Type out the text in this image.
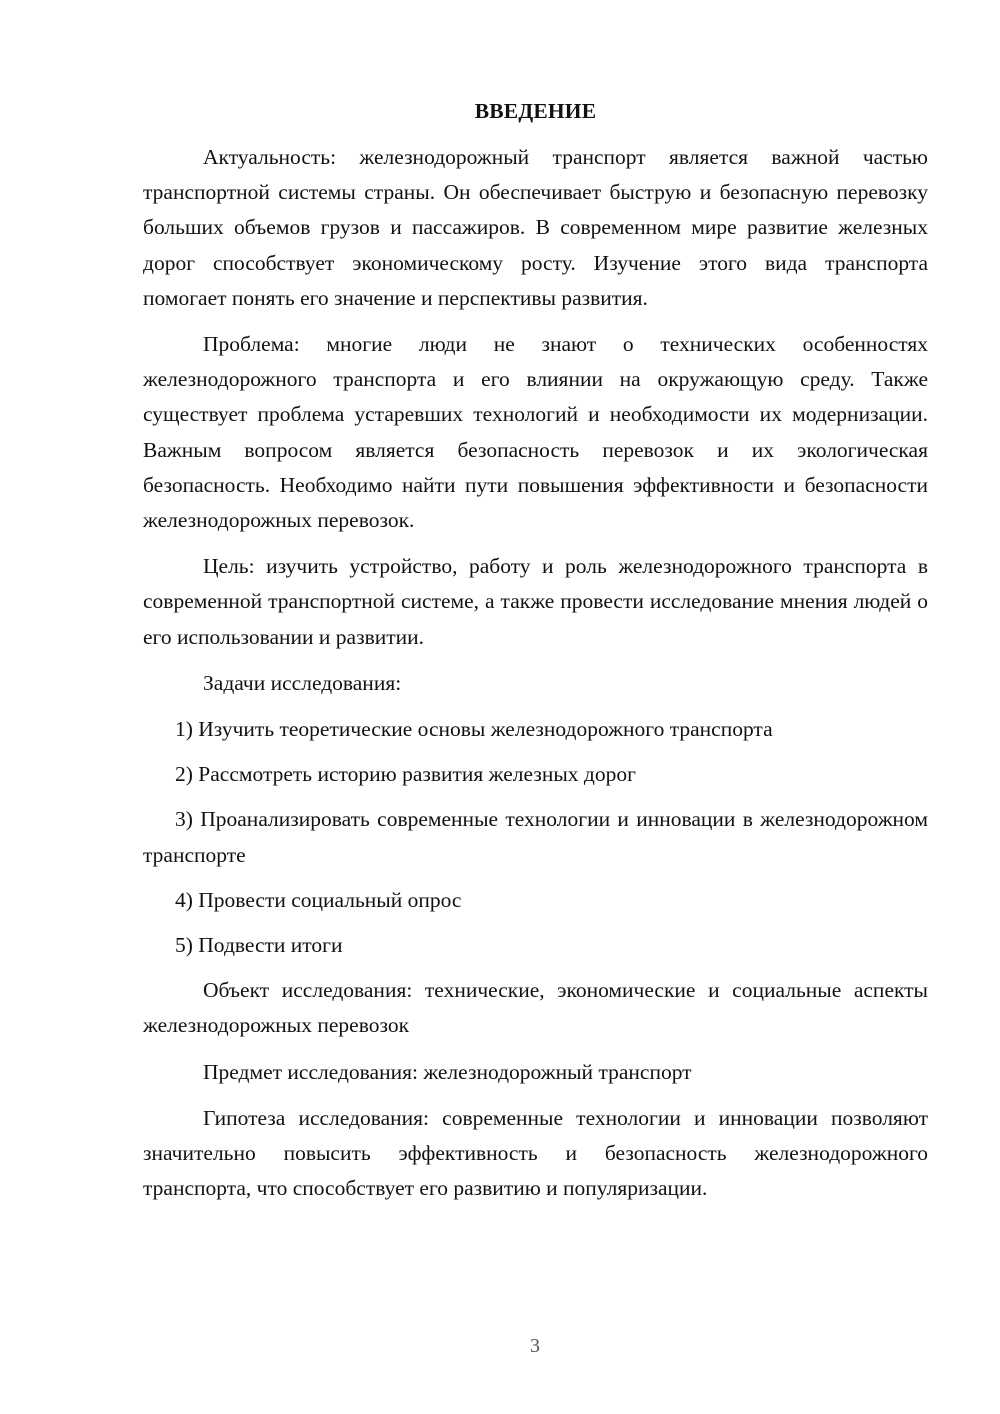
ВВЕДЕНИЕ

Актуальность: железнодорожный транспорт является важной частью транспортной системы страны. Он обеспечивает быструю и безопасную перевозку больших объемов грузов и пассажиров. В современном мире развитие железных дорог способствует экономическому росту. Изучение этого вида транспорта помогает понять его значение и перспективы развития.

Проблема: многие люди не знают о технических особенностях железнодорожного транспорта и его влиянии на окружающую среду. Также существует проблема устаревших технологий и необходимости их модернизации. Важным вопросом является безопасность перевозок и их экологическая безопасность. Необходимо найти пути повышения эффективности и безопасности железнодорожных перевозок.

Цель: изучить устройство, работу и роль железнодорожного транспорта в современной транспортной системе, а также провести исследование мнения людей о его использовании и развитии.

Задачи исследования:

1) Изучить теоретические основы железнодорожного транспорта

2) Рассмотреть историю развития железных дорог

3) Проанализировать современные технологии и инновации в железнодорожном транспорте

4) Провести социальный опрос

5) Подвести итоги

Объект исследования: технические, экономические и социальные аспекты железнодорожных перевозок

Предмет исследования: железнодорожный транспорт

Гипотеза исследования: современные технологии и инновации позволяют значительно повысить эффективность и безопасность железнодорожного транспорта, что способствует его развитию и популяризации.

3
